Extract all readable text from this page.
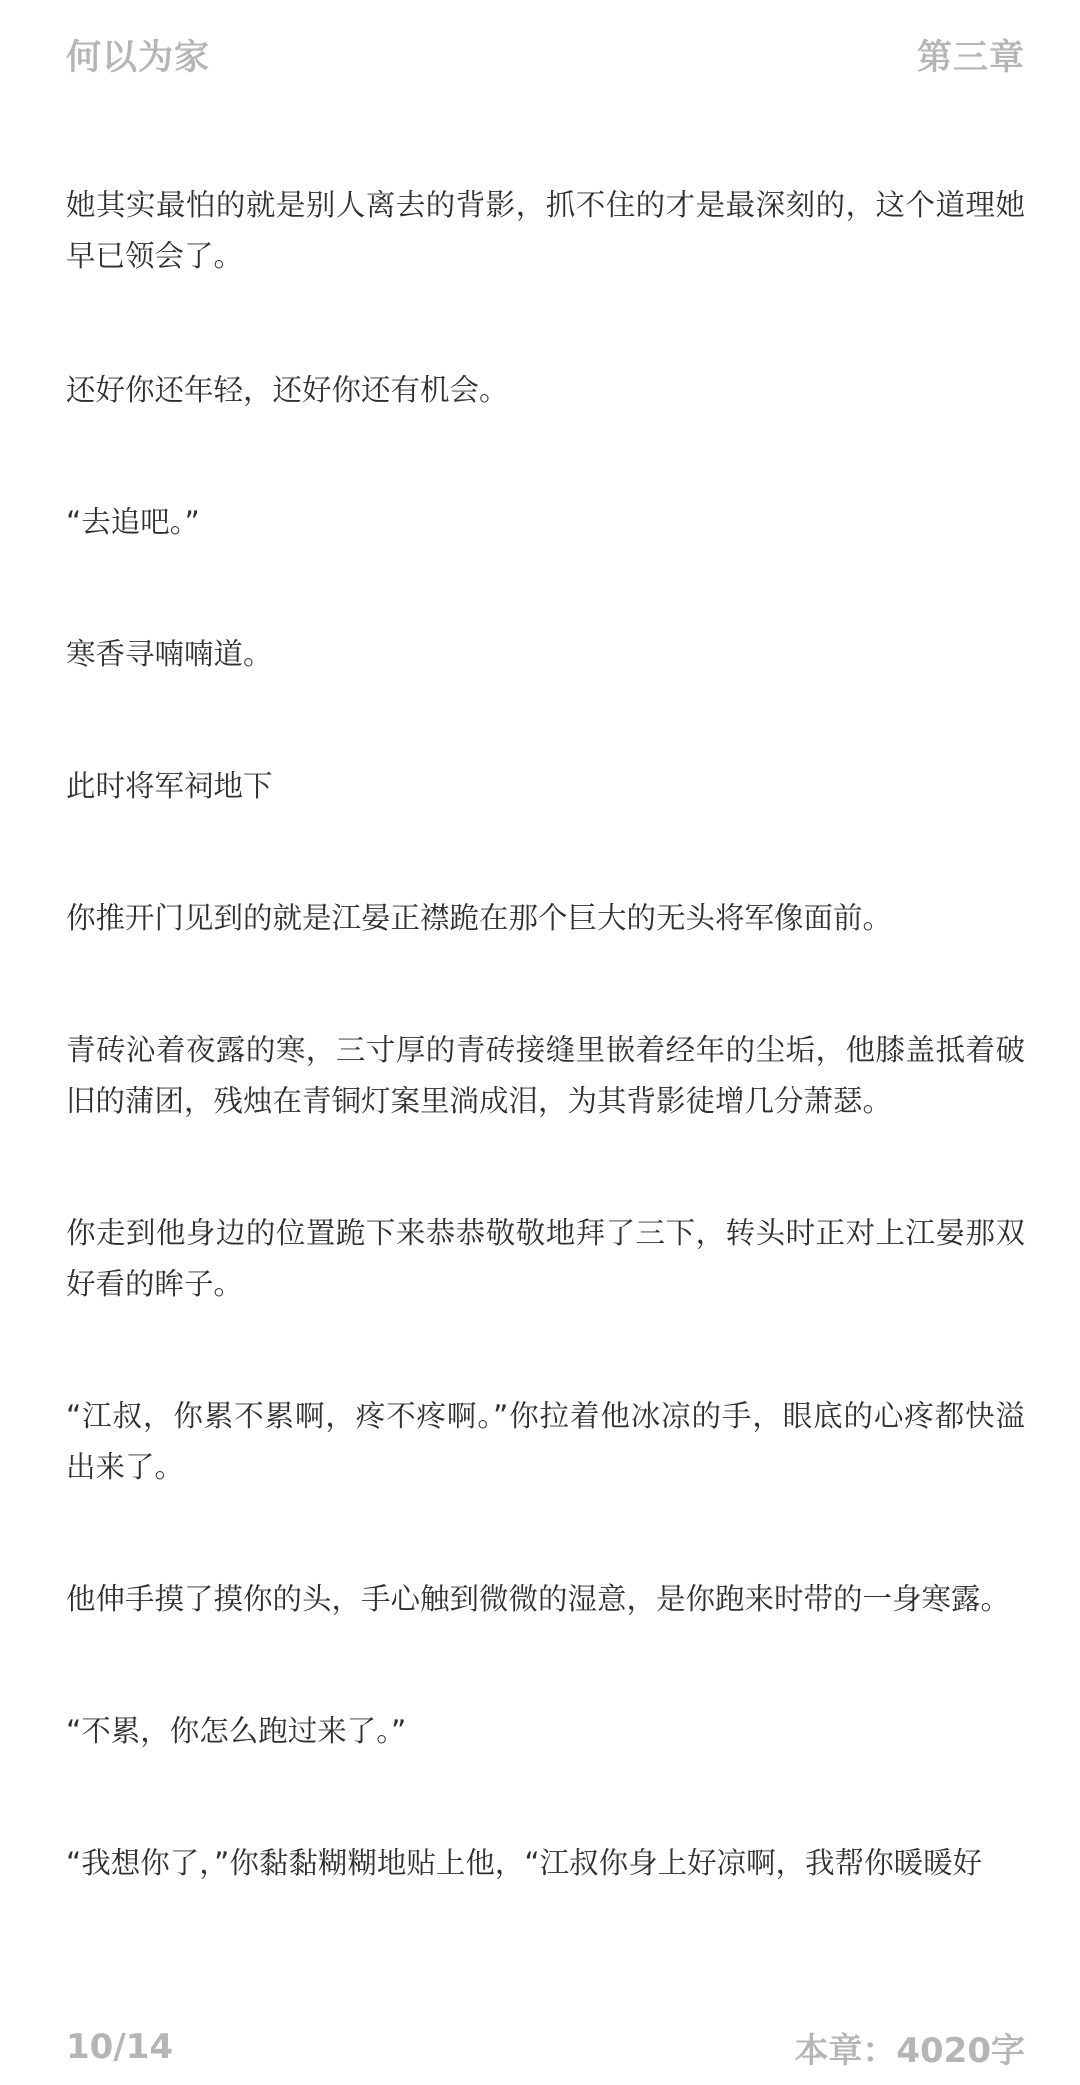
何以为家	第三章

她其实最怕的就是别人离去的背影，抓不住的才是最深刻的，这个道理她早已领会了。

还好你还年轻，还好你还有机会。

“去追吧。”

寒香寻喃喃道。

此时将军祠地下

你推开门见到的就是江晏正襟跪在那个巨大的无头将军像面前。

青砖沁着夜露的寒，三寸厚的青砖接缝里嵌着经年的尘垢，他膝盖抵着破旧的蒲团，残烛在青铜灯案里淌成泪，为其背影徒增几分萧瑟。

你走到他身边的位置跪下来恭恭敬敬地拜了三下，转头时正对上江晏那双好看的眸子。

“江叔，你累不累啊，疼不疼啊。”你拉着他冰凉的手，眼底的心疼都快溢出来了。

他伸手摸了摸你的头，手心触到微微的湿意，是你跑来时带的一身寒露。

“不累，你怎么跑过来了。”

“我想你了，”你黏黏糊糊地贴上他，“江叔你身上好凉啊，我帮你暖暖好

10/14	本章：4020字
